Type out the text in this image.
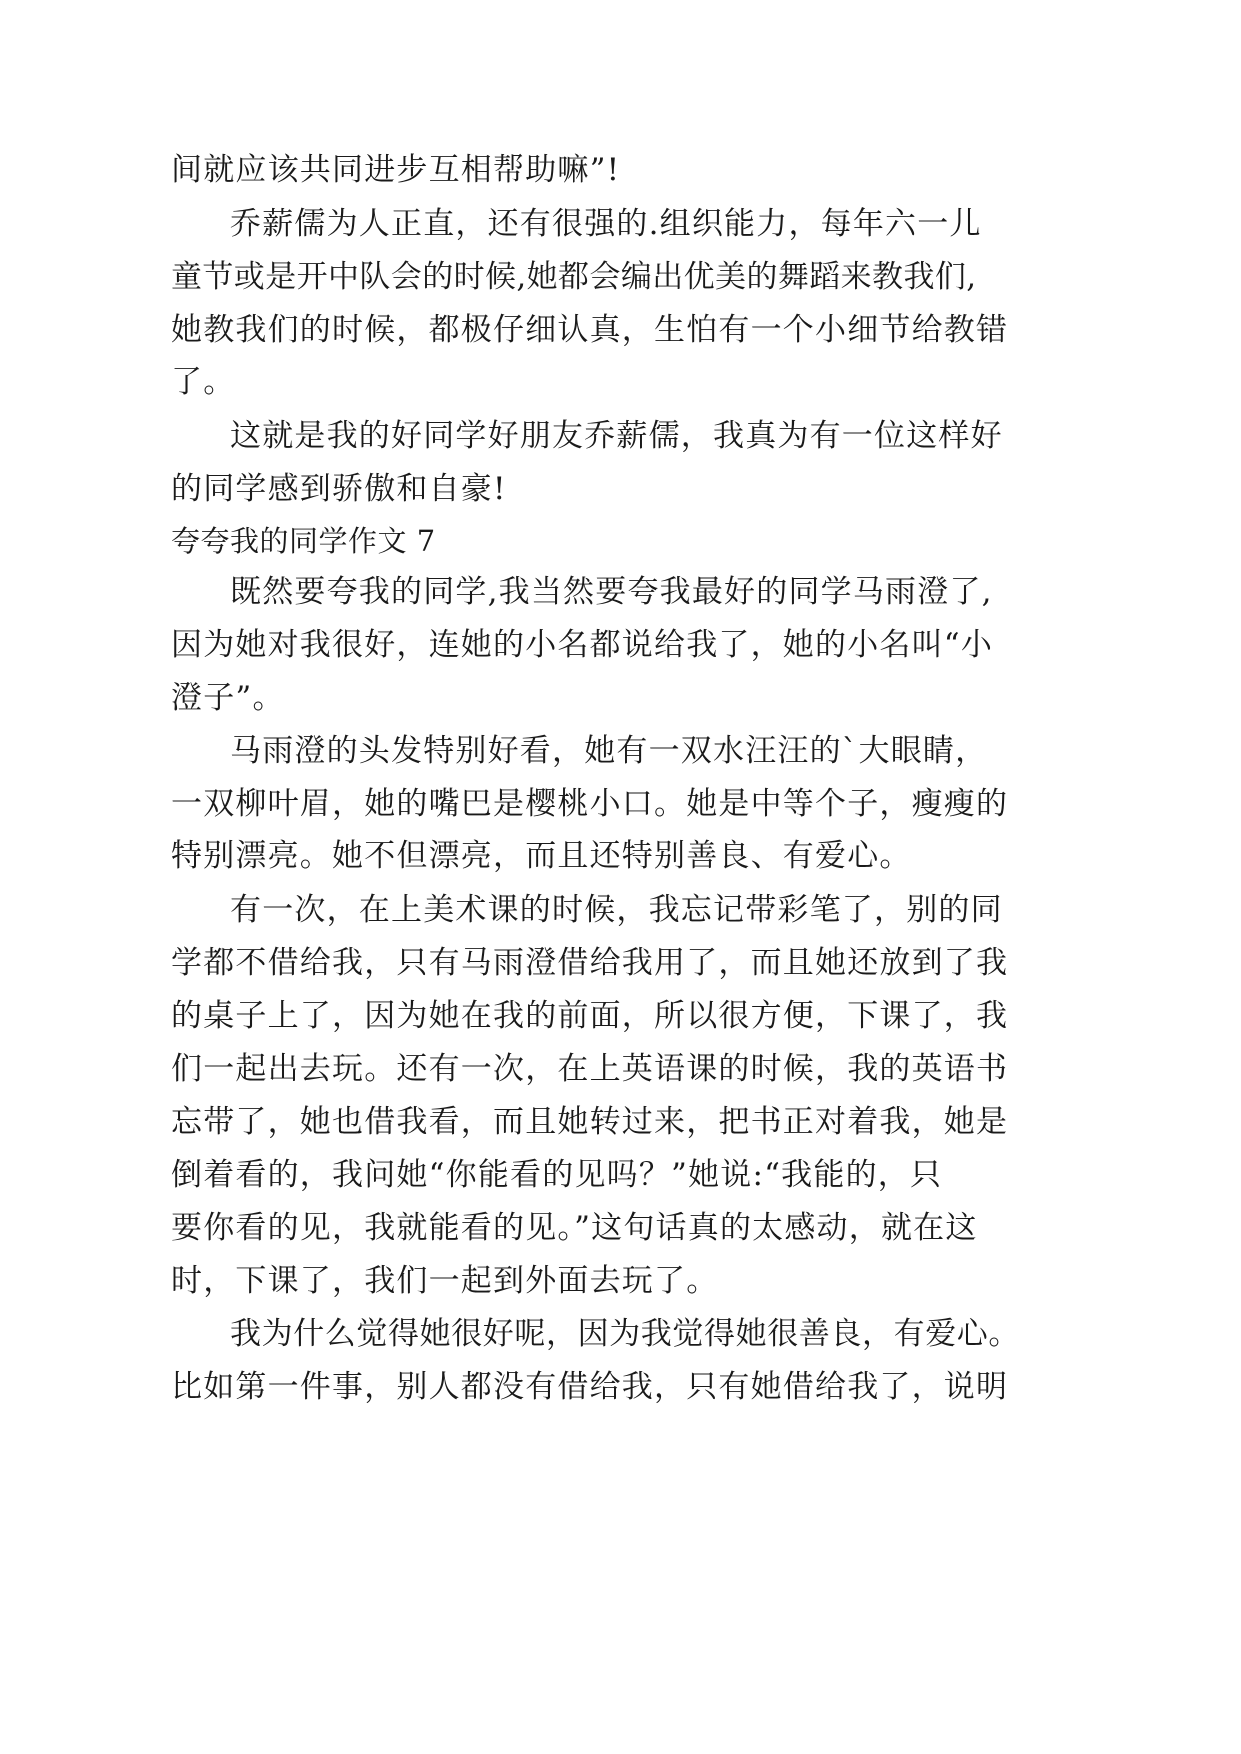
间就应该共同进步互相帮助嘛”!
乔薪儒为人正直，还有很强的.组织能力，每年六一儿
童节或是开中队会的时候,她都会编出优美的舞蹈来教我们,
她教我们的时候，都极仔细认真，生怕有一个小细节给教错
了。
这就是我的好同学好朋友乔薪儒，我真为有一位这样好
的同学感到骄傲和自豪!
夸夸我的同学作文 7
既然要夸我的同学,我当然要夸我最好的同学马雨澄了,
因为她对我很好，连她的小名都说给我了，她的小名叫“小
澄子”。
马雨澄的头发特别好看，她有一双水汪汪的`大眼睛，
一双柳叶眉，她的嘴巴是樱桃小口。她是中等个子，瘦瘦的
特别漂亮。她不但漂亮，而且还特别善良、有爱心。
有一次，在上美术课的时候，我忘记带彩笔了，别的同
学都不借给我，只有马雨澄借给我用了，而且她还放到了我
的桌子上了，因为她在我的前面，所以很方便，下课了，我
们一起出去玩。还有一次，在上英语课的时候，我的英语书
忘带了，她也借我看，而且她转过来，把书正对着我，她是
倒着看的，我问她“你能看的见吗？”她说:“我能的，只
要你看的见，我就能看的见。”这句话真的太感动，就在这
时，下课了，我们一起到外面去玩了。
我为什么觉得她很好呢，因为我觉得她很善良，有爱心。
比如第一件事，别人都没有借给我，只有她借给我了，说明
